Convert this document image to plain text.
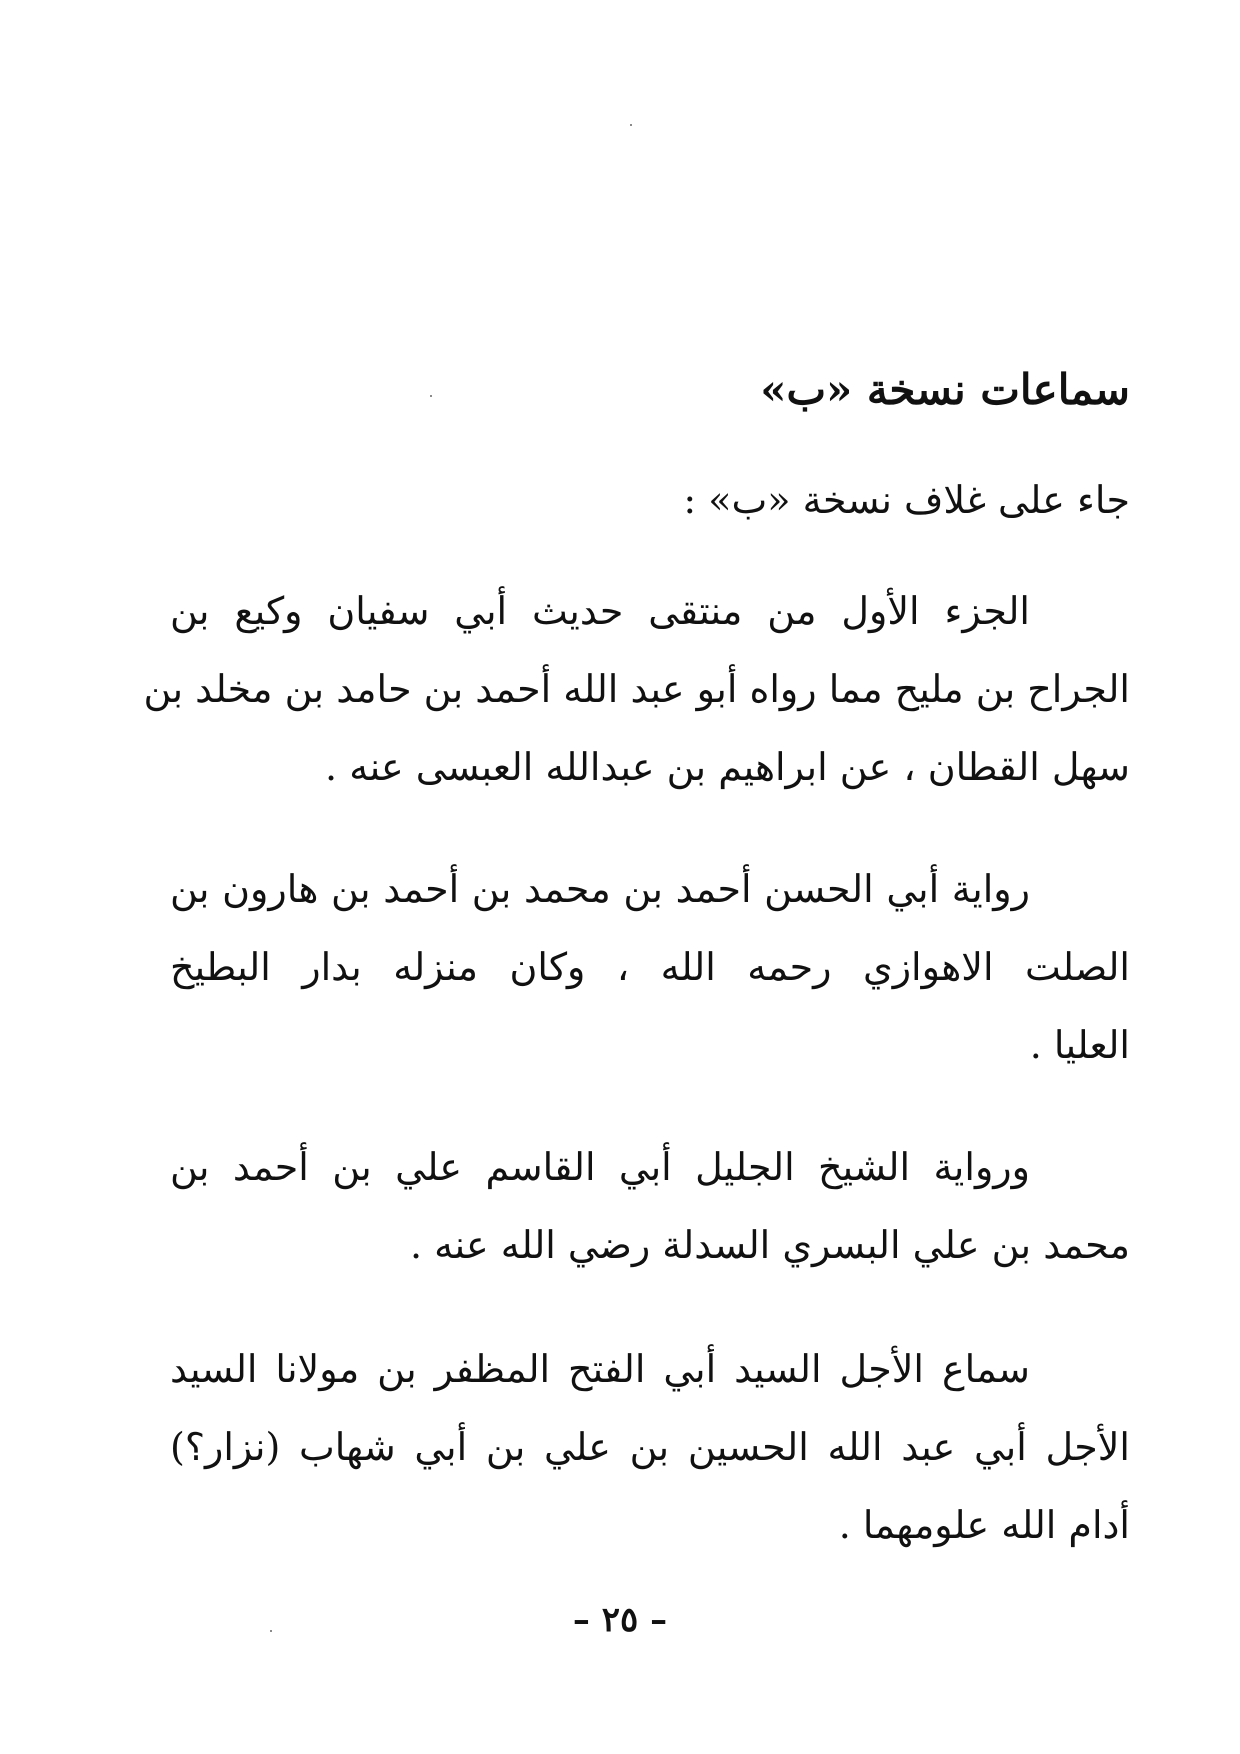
سماعات نسخة «ب»
جاء على غلاف نسخة «ب» :
الجزء الأول من منتقى حديث أبي سفيان وكيع بن
الجراح بن مليح مما رواه أبو عبد الله أحمد بن حامد بن مخلد بن
سهل القطان ، عن ابراهيم بن عبدالله العبسى عنه .
رواية أبي الحسن أحمد بن محمد بن أحمد بن هارون بن
الصلت الاهوازي رحمه الله ، وكان منزله بدار البطيخ
العليا .
ورواية الشيخ الجليل أبي القاسم علي بن أحمد بن
محمد بن علي البسري السدلة رضي الله عنه .
سماع الأجل السيد أبي الفتح المظفر بن مولانا السيد
الأجل أبي عبد الله الحسين بن علي بن أبي شهاب (نزار؟)
أدام الله علومهما .
– ٢٥ –
